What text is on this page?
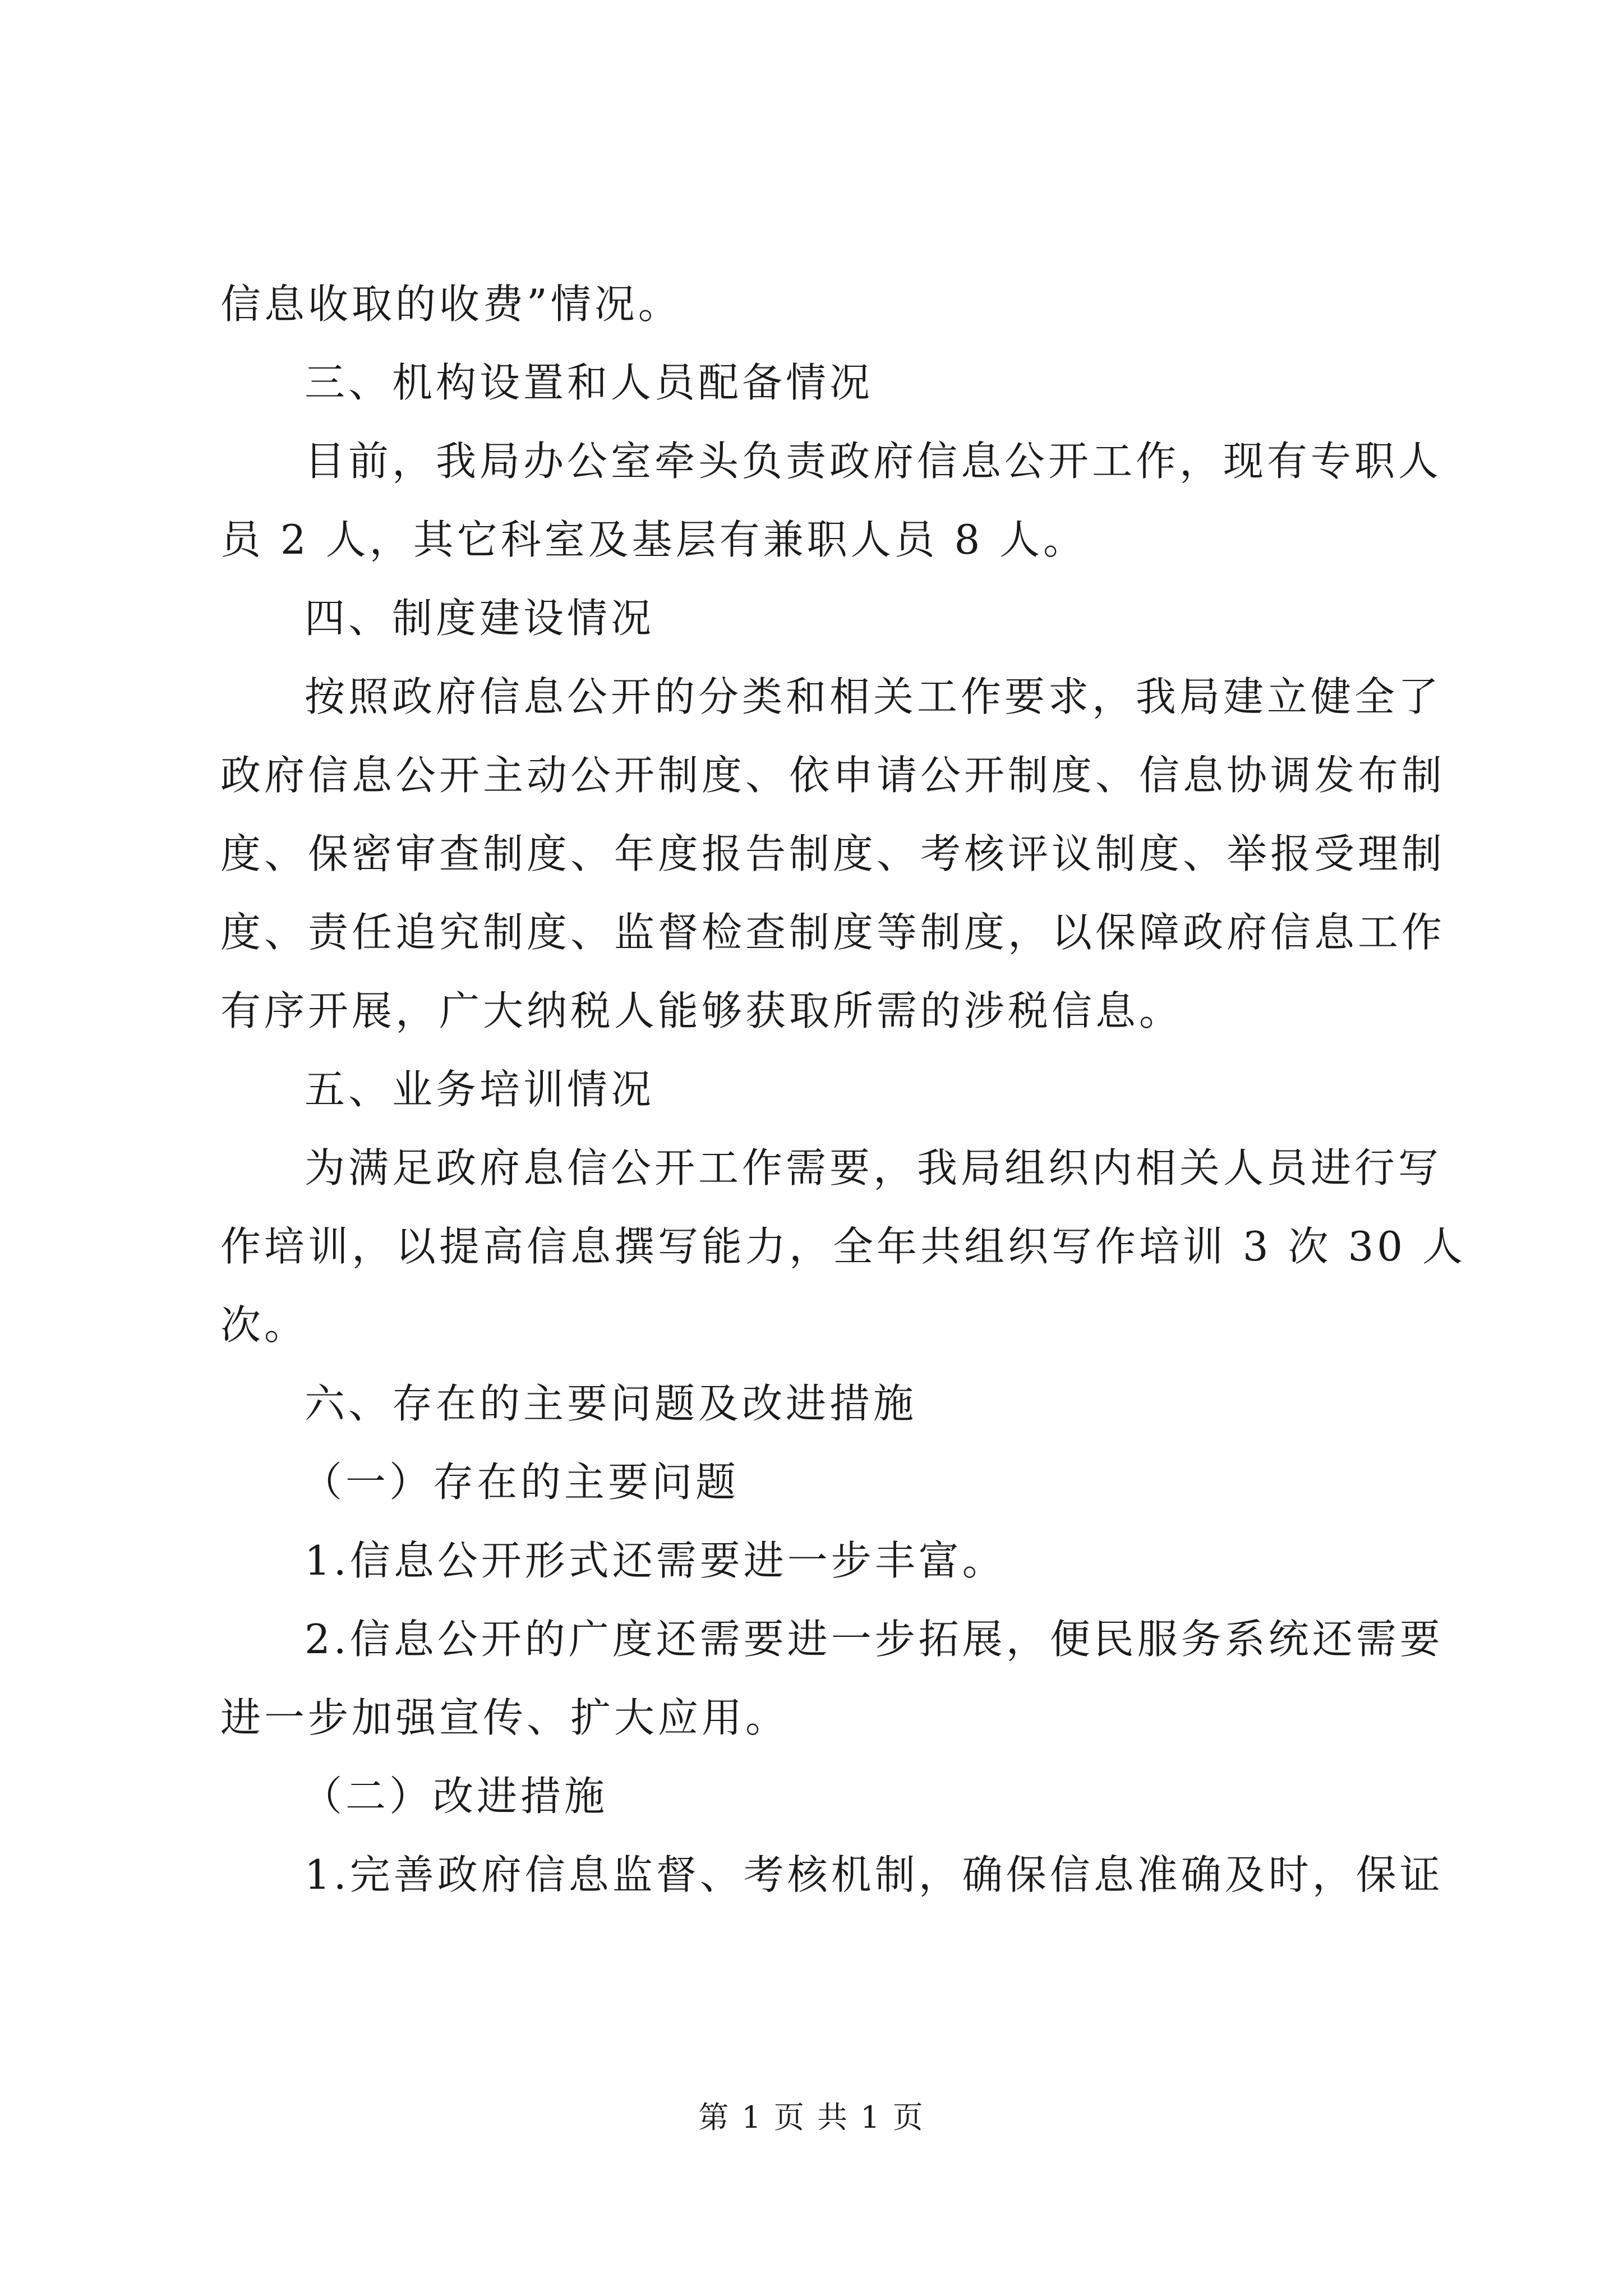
信息收取的收费”情况。
三、机构设置和人员配备情况
目前，我局办公室牵头负责政府信息公开工作，现有专职人
员 2 人，其它科室及基层有兼职人员 8 人。
四、制度建设情况
按照政府信息公开的分类和相关工作要求，我局建立健全了
政府信息公开主动公开制度、依申请公开制度、信息协调发布制
度、保密审查制度、年度报告制度、考核评议制度、举报受理制
度、责任追究制度、监督检查制度等制度，以保障政府信息工作
有序开展，广大纳税人能够获取所需的涉税信息。
五、业务培训情况
为满足政府息信公开工作需要，我局组织内相关人员进行写
作培训，以提高信息撰写能力，全年共组织写作培训 3 次 30 人
次。
六、存在的主要问题及改进措施
（一）存在的主要问题
1.信息公开形式还需要进一步丰富。
2.信息公开的广度还需要进一步拓展，便民服务系统还需要
进一步加强宣传、扩大应用。
（二）改进措施
1.完善政府信息监督、考核机制，确保信息准确及时，保证
第 1 页 共 1 页
